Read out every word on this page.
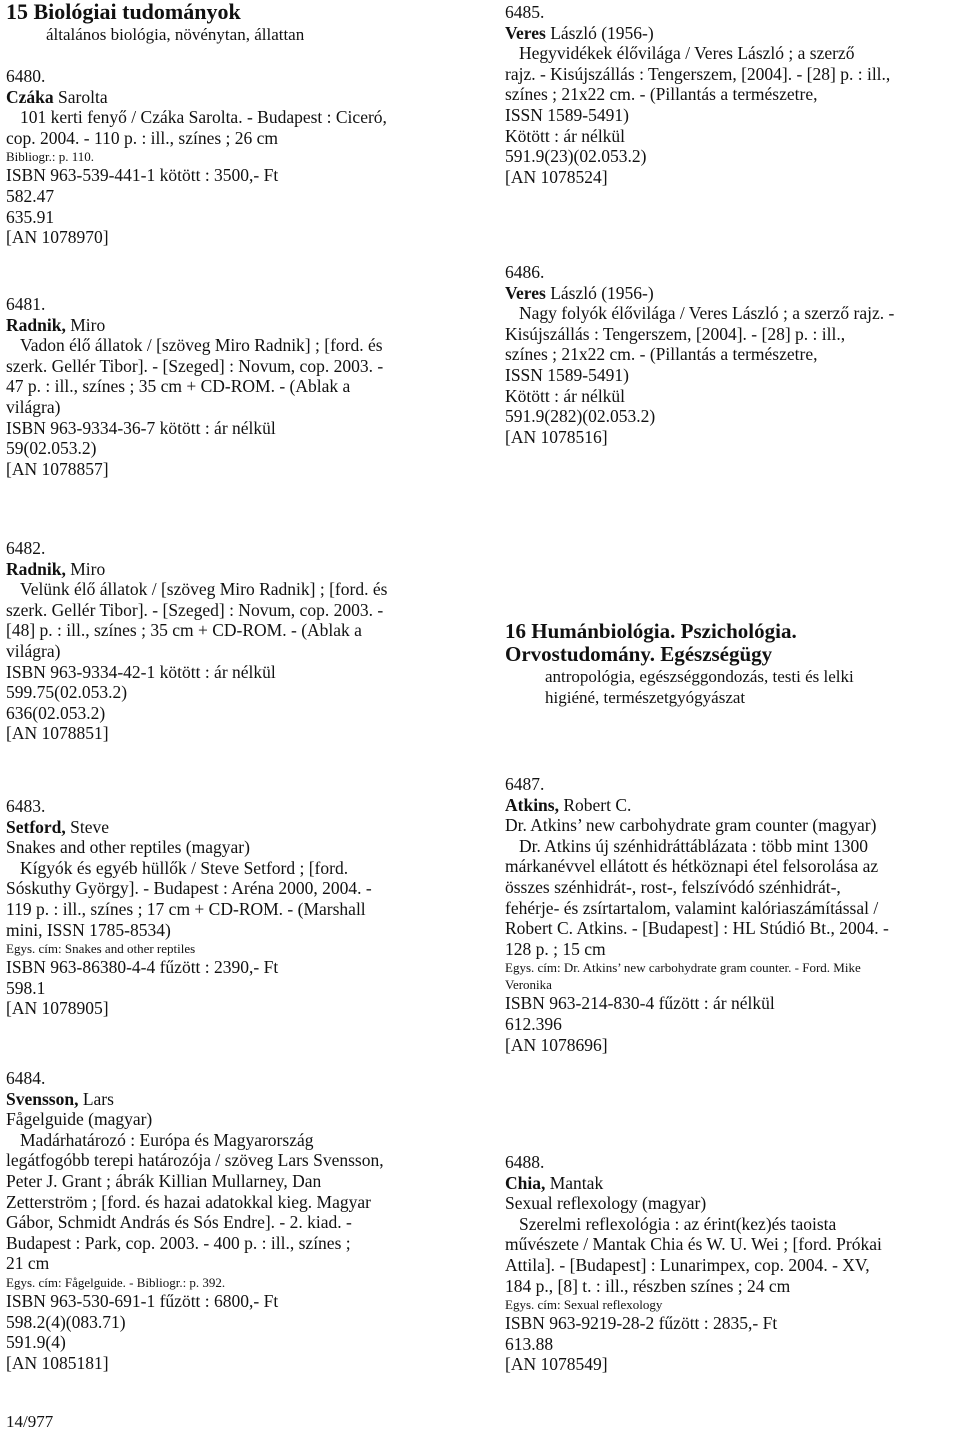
15 Biológiai tudományok

általános biológia, növénytan, állattan

6480.
Czáka Sarolta
101 kerti fenyő / Czáka Sarolta. - Budapest : Ciceró,
cop. 2004. - 110 p. : ill., színes ; 26 cm
Bibliogr.: p. 110.
ISBN 963-539-441-1 kötött : 3500,- Ft
582.47
635.91
[AN 1078970]
6481.
Radnik, Miro
Vadon élő állatok / [szöveg Miro Radnik] ; [ford. és
szerk. Gellér Tibor]. - [Szeged] : Novum, cop. 2003. -
47 p. : ill., színes ; 35 cm + CD-ROM. - (Ablak a
világra)
ISBN 963-9334-36-7 kötött : ár nélkül
59(02.053.2)
[AN 1078857]
6482.
Radnik, Miro
Velünk élő állatok / [szöveg Miro Radnik] ; [ford. és
szerk. Gellér Tibor]. - [Szeged] : Novum, cop. 2003. -
[48] p. : ill., színes ; 35 cm + CD-ROM. - (Ablak a
világra)
ISBN 963-9334-42-1 kötött : ár nélkül
599.75(02.053.2)
636(02.053.2)
[AN 1078851]
6483.
Setford, Steve
Snakes and other reptiles (magyar)
Kígyók és egyéb hüllők / Steve Setford ; [ford.
Sóskuthy György]. - Budapest : Aréna 2000, 2004. -
119 p. : ill., színes ; 17 cm + CD-ROM. - (Marshall
mini, ISSN 1785-8534)
Egys. cím: Snakes and other reptiles
ISBN 963-86380-4-4 fűzött : 2390,- Ft
598.1
[AN 1078905]
6484.
Svensson, Lars
Fågelguide (magyar)
Madárhatározó : Európa és Magyarország
legátfogóbb terepi határozója / szöveg Lars Svensson,
Peter J. Grant ; ábrák Killian Mullarney, Dan
Zetterström ; [ford. és hazai adatokkal kieg. Magyar
Gábor, Schmidt András és Sós Endre]. - 2. kiad. -
Budapest : Park, cop. 2003. - 400 p. : ill., színes ;
21 cm
Egys. cím: Fågelguide. - Bibliogr.: p. 392.
ISBN 963-530-691-1 fűzött : 6800,- Ft
598.2(4)(083.71)
591.9(4)
[AN 1085181]
6485.
Veres László (1956-)
Hegyvidékek élővilága / Veres László ; a szerző
rajz. - Kisújszállás : Tengerszem, [2004]. - [28] p. : ill.,
színes ; 21x22 cm. - (Pillantás a természetre,
ISSN 1589-5491)
Kötött : ár nélkül
591.9(23)(02.053.2)
[AN 1078524]
6486.
Veres László (1956-)
Nagy folyók élővilága / Veres László ; a szerző rajz. -
Kisújszállás : Tengerszem, [2004]. - [28] p. : ill.,
színes ; 21x22 cm. - (Pillantás a természetre,
ISSN 1589-5491)
Kötött : ár nélkül
591.9(282)(02.053.2)
[AN 1078516]

16 Humánbiológia. Pszichológia.

Orvostudomány. Egészségügy

antropológia, egészséggondozás, testi és lelki

higiéné, természetgyógyászat

6487.
Atkins, Robert C.
Dr. Atkins’ new carbohydrate gram counter (magyar)
Dr. Atkins új szénhidráttáblázata : több mint 1300
márkanévvel ellátott és hétköznapi étel felsorolása az
összes szénhidrát-, rost-, felszívódó szénhidrát-,
fehérje- és zsírtartalom, valamint kalóriaszámítással /
Robert C. Atkins. - [Budapest] : HL Stúdió Bt., 2004. -
128 p. ; 15 cm
Egys. cím: Dr. Atkins’ new carbohydrate gram counter. - Ford. Mike
Veronika
ISBN 963-214-830-4 fűzött : ár nélkül
612.396
[AN 1078696]
6488.
Chia, Mantak
Sexual reflexology (magyar)
Szerelmi reflexológia : az érint(kez)és taoista
művészete / Mantak Chia és W. U. Wei ; [ford. Prókai
Attila]. - [Budapest] : Lunarimpex, cop. 2004. - XV,
184 p., [8] t. : ill., részben színes ; 24 cm
Egys. cím: Sexual reflexology
ISBN 963-9219-28-2 fűzött : 2835,- Ft
613.88
[AN 1078549]
14/977
